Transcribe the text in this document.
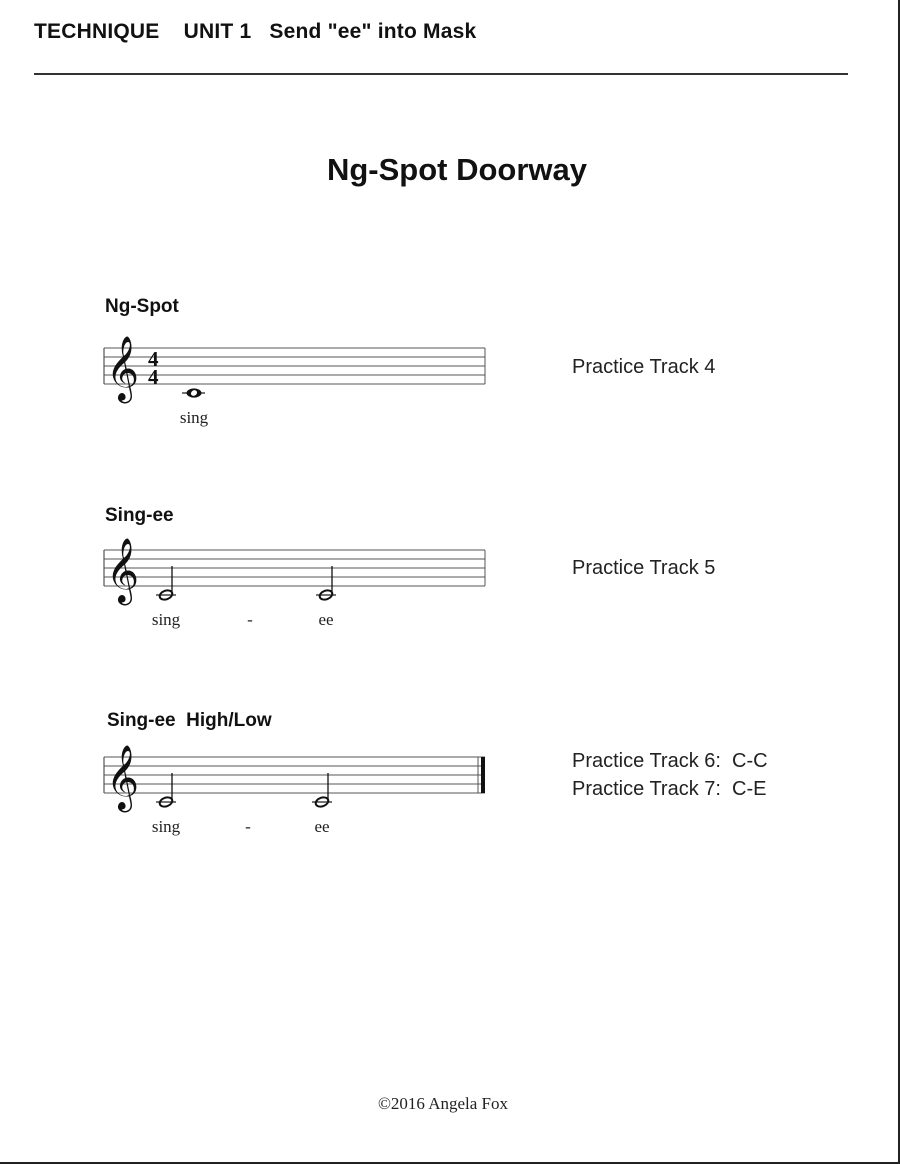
TECHNIQUE    UNIT 1   Send "ee" into Mask
Ng-Spot Doorway
Ng-Spot
𝄞 4
4
sing
Practice Track 4
Sing-ee
𝄞
sing	-	ee
Practice Track 5
Sing-ee  High/Low
𝄞
sing	-	ee
Practice Track 6:  C-C
Practice Track 7:  C-E
©2016 Angela Fox
